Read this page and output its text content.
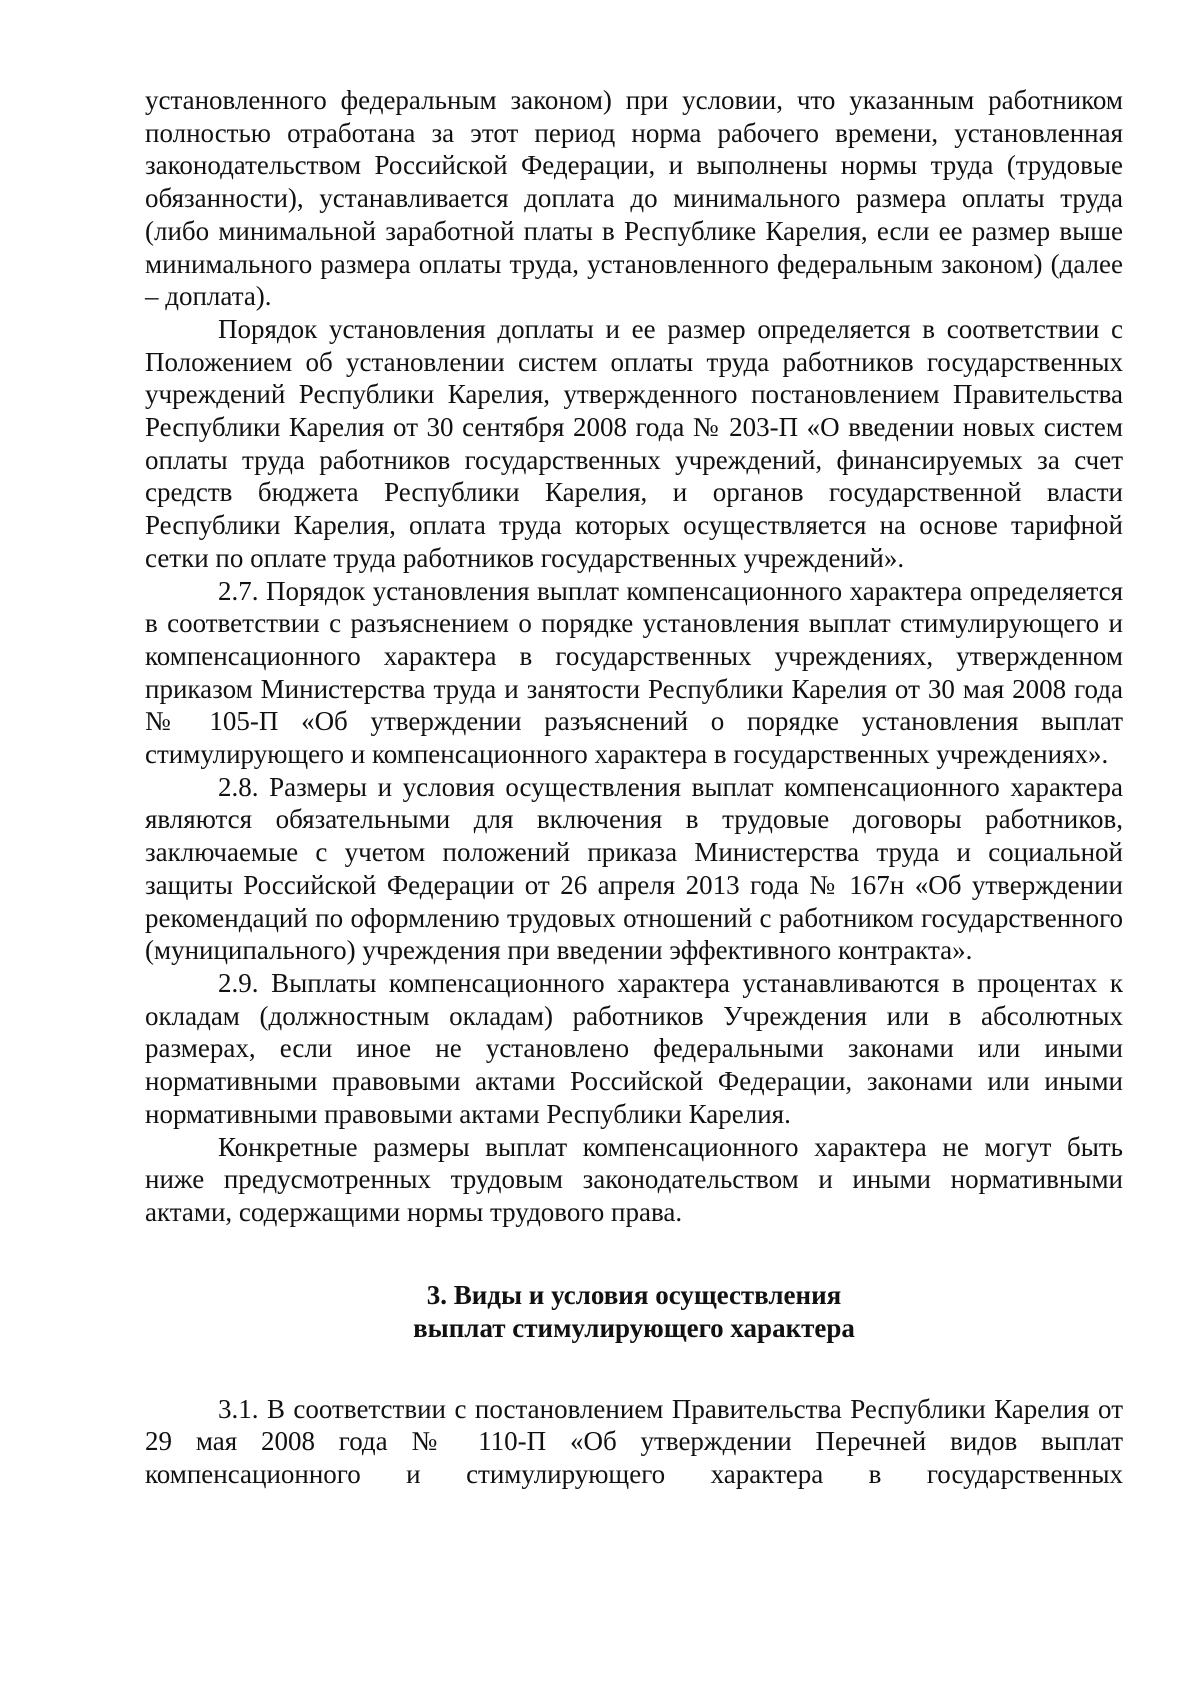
установленного федеральным законом) при условии, что указанным работником полностью отработана за этот период норма рабочего времени, установленная законодательством Российской Федерации, и выполнены нормы труда (трудовые обязанности), устанавливается доплата до минимального размера оплаты труда (либо минимальной заработной платы в Республике Карелия, если ее размер выше минимального размера оплаты труда, установленного федеральным законом) (далее – доплата).

Порядок установления доплаты и ее размер определяется в соответствии с Положением об установлении систем оплаты труда работников государственных учреждений Республики Карелия, утвержденного постановлением Правительства Республики Карелия от 30 сентября 2008 года № 203-П «О введении новых систем оплаты труда работников государственных учреждений, финансируемых за счет средств бюджета Республики Карелия, и органов государственной власти Республики Карелия, оплата труда которых осуществляется на основе тарифной сетки по оплате труда работников государственных учреждений».

2.7. Порядок установления выплат компенсационного характера определяется в соответствии с разъяснением о порядке установления выплат стимулирующего и компенсационного характера в государственных учреждениях, утвержденном приказом Министерства труда и занятости Республики Карелия от 30 мая 2008 года № 105-П «Об утверждении разъяснений о порядке установления выплат стимулирующего и компенсационного характера в государственных учреждениях».

2.8. Размеры и условия осуществления выплат компенсационного характера являются обязательными для включения в трудовые договоры работников, заключаемые с учетом положений приказа Министерства труда и социальной защиты Российской Федерации от 26 апреля 2013 года № 167н «Об утверждении рекомендаций по оформлению трудовых отношений с работником государственного (муниципального) учреждения при введении эффективного контракта».

2.9. Выплаты компенсационного характера устанавливаются в процентах к окладам (должностным окладам) работников Учреждения или в абсолютных размерах, если иное не установлено федеральными законами или иными нормативными правовыми актами Российской Федерации, законами или иными нормативными правовыми актами Республики Карелия.

Конкретные размеры выплат компенсационного характера не могут быть ниже предусмотренных трудовым законодательством и иными нормативными актами, содержащими нормы трудового права.

3. Виды и условия осуществления
выплат стимулирующего характера

3.1. В соответствии с постановлением Правительства Республики Карелия от 29 мая 2008 года № 110-П «Об утверждении Перечней видов выплат компенсационного и стимулирующего характера в государственных
